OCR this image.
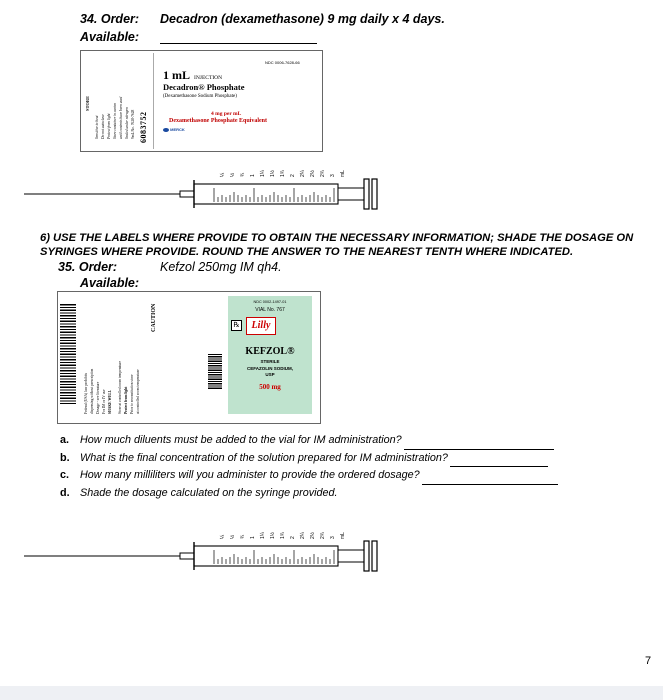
34. Order: Decadron (dexamethasone) 9 mg daily x 4 days.
Available:
STORE
Sensitive to heat Do not autoclave Protect from light Store container in carton until contents have been used Sealed under nitrogen 9mL No. 7628-7628 6083752
NDC 0006-7628-66
1 mL INJECTION
Decadron® Phosphate
(Dexamethasone Sodium Phosphate)
4 mg per mL
Dexamethasone Phosphate Equivalent
MERCK
¼ ½ ¾ 1 1¼ 1½ 1¾ 2 2¼ 2½ 2¾ 3 mL
6) USE THE LABELS WHERE PROVIDE TO OBTAIN THE NECESSARY INFORMATION; SHADE THE DOSAGE ON SYRINGES WHERE PROVIDE. ROUND THE ANSWER TO THE NEAREST TENTH WHERE INDICATED.
35. Order:	Kefzol 250mg IM qh4.
Available:
Federal (USA) law prohibits dispensing without prescription Dosage - see literature For IM or IV use SHAKE WELL Store at controlled room temperature Protect from light Prior to reconstitution store at controlled room temperature
CAUTION
NDC 0002-1497-01
VIAL No. 767
℞	Lilly
KEFZOL®
STERILE
CEFAZOLIN SODIUM, USP
500 mg
a.	How much diluents must be added to the vial for IM administration?
b. What is the final concentration of the solution prepared for IM administration?
c.	How many milliliters will you administer to provide the ordered dosage?
d. Shade the dosage calculated on the syringe provided.
¼ ½ ¾ 1 1¼ 1½ 1¾ 2 2¼ 2½ 2¾ 3 mL
7
